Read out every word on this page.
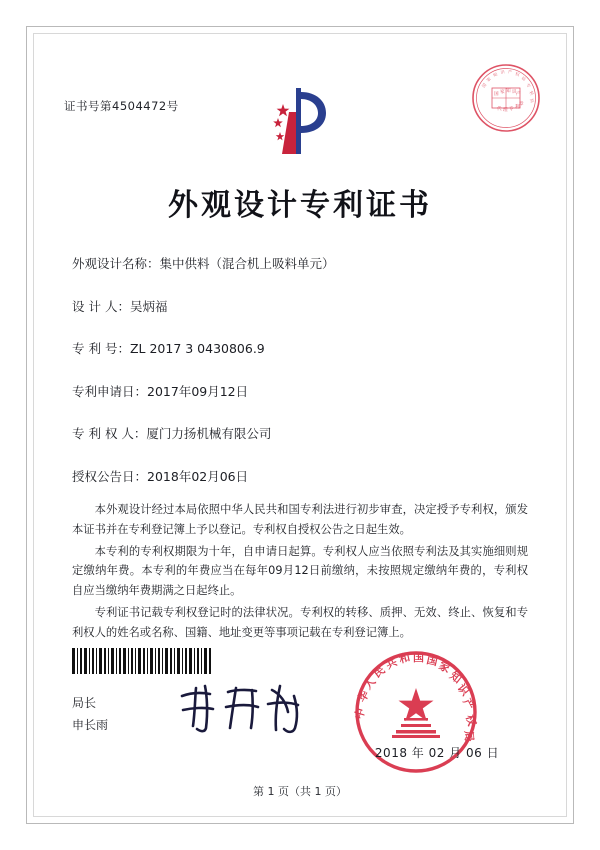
证书号第4504472号	代 理 专 利
章
国 家 知 识 产
国
家
知 识 产 权
局
专
利
局
外观设计专利证书
外观设计名称：集中供料（混合机上吸料单元）
设 计 人：吴炳福
专 利 号：ZL 2017 3 0430806.9
专利申请日：2017年09月12日
专 利 权 人：厦门力扬机械有限公司
授权公告日：2018年02月06日

本外观设计经过本局依照中华人民共和国专利法进行初步审查，决定授予专利权，颁发本证书并在专利登记簿上予以登记。专利权自授权公告之日起生效。

本专利的专利权期限为十年，自申请日起算。专利权人应当依照专利法及其实施细则规定缴纳年费。本专利的年费应当在每年09月12日前缴纳，未按照规定缴纳年费的，专利权自应当缴纳年费期满之日起终止。

专利证书记载专利权登记时的法律状况。专利权的转移、质押、无效、终止、恢复和专利权人的姓名或名称、国籍、地址变更等事项记载在专利登记簿上。

局长
申长雨
中
华
人
民
共
和 国 国
家
知
识
产
权
局
2018 年 02 月 06 日
第 1 页（共 1 页）
